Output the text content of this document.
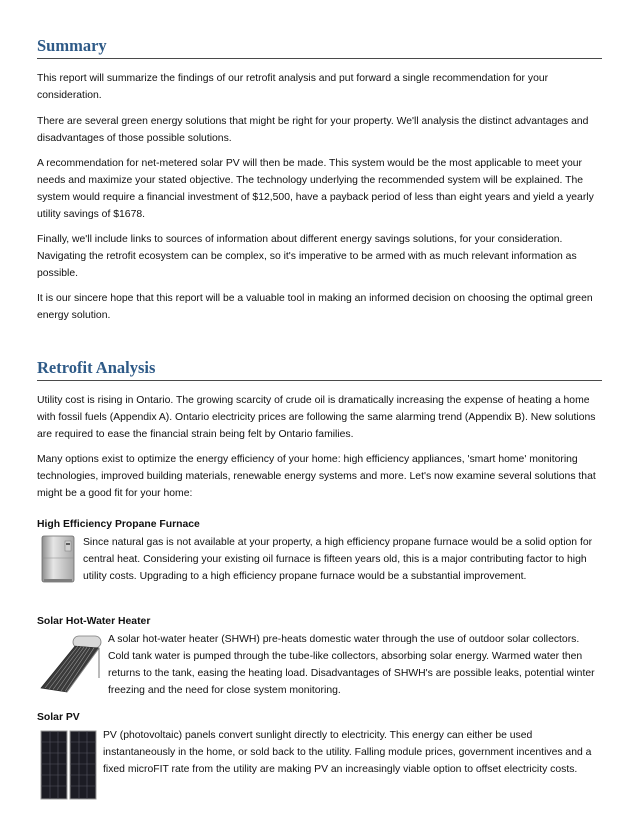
Summary

This report will summarize the findings of our retrofit analysis and put forward a single recommendation for your consideration.

There are several green energy solutions that might be right for your property. We'll analysis the distinct advantages and disadvantages of those possible solutions.

A recommendation for net-metered solar PV will then be made. This system would be the most applicable to meet your needs and maximize your stated objective. The technology underlying the recommended system will be explained. The system would require a financial investment of $12,500, have a payback period of less than eight years and yield a yearly utility savings of $1678.

Finally, we'll include links to sources of information about different energy savings solutions, for your consideration. Navigating the retrofit ecosystem can be complex, so it's imperative to be armed with as much relevant information as possible.

It is our sincere hope that this report will be a valuable tool in making an informed decision on choosing the optimal green energy solution.

Retrofit Analysis

Utility cost is rising in Ontario. The growing scarcity of crude oil is dramatically increasing the expense of heating a home with fossil fuels (Appendix A). Ontario electricity prices are following the same alarming trend (Appendix B). New solutions are required to ease the financial strain being felt by Ontario families.

Many options exist to optimize the energy efficiency of your home: high efficiency appliances, 'smart home' monitoring technologies, improved building materials, renewable energy systems and more. Let's now examine several solutions that might be a good fit for your home:

High Efficiency Propane Furnace

Since natural gas is not available at your property, a high efficiency propane furnace would be a solid option for central heat. Considering your existing oil furnace is fifteen years old, this is a major contributing factor to high utility costs. Upgrading to a high efficiency propane furnace would be a substantial improvement.

Solar Hot-Water Heater

A solar hot-water heater (SHWH) pre-heats domestic water through the use of outdoor solar collectors. Cold tank water is pumped through the tube-like collectors, absorbing solar energy. Warmed water then returns to the tank, easing the heating load. Disadvantages of SHWH's are possible leaks, potential winter freezing and the need for close system monitoring.

Solar PV

PV (photovoltaic) panels convert sunlight directly to electricity. This energy can either be used instantaneously in the home, or sold back to the utility. Falling module prices, government incentives and a fixed microFIT rate from the utility are making PV an increasingly viable option to offset electricity costs.
